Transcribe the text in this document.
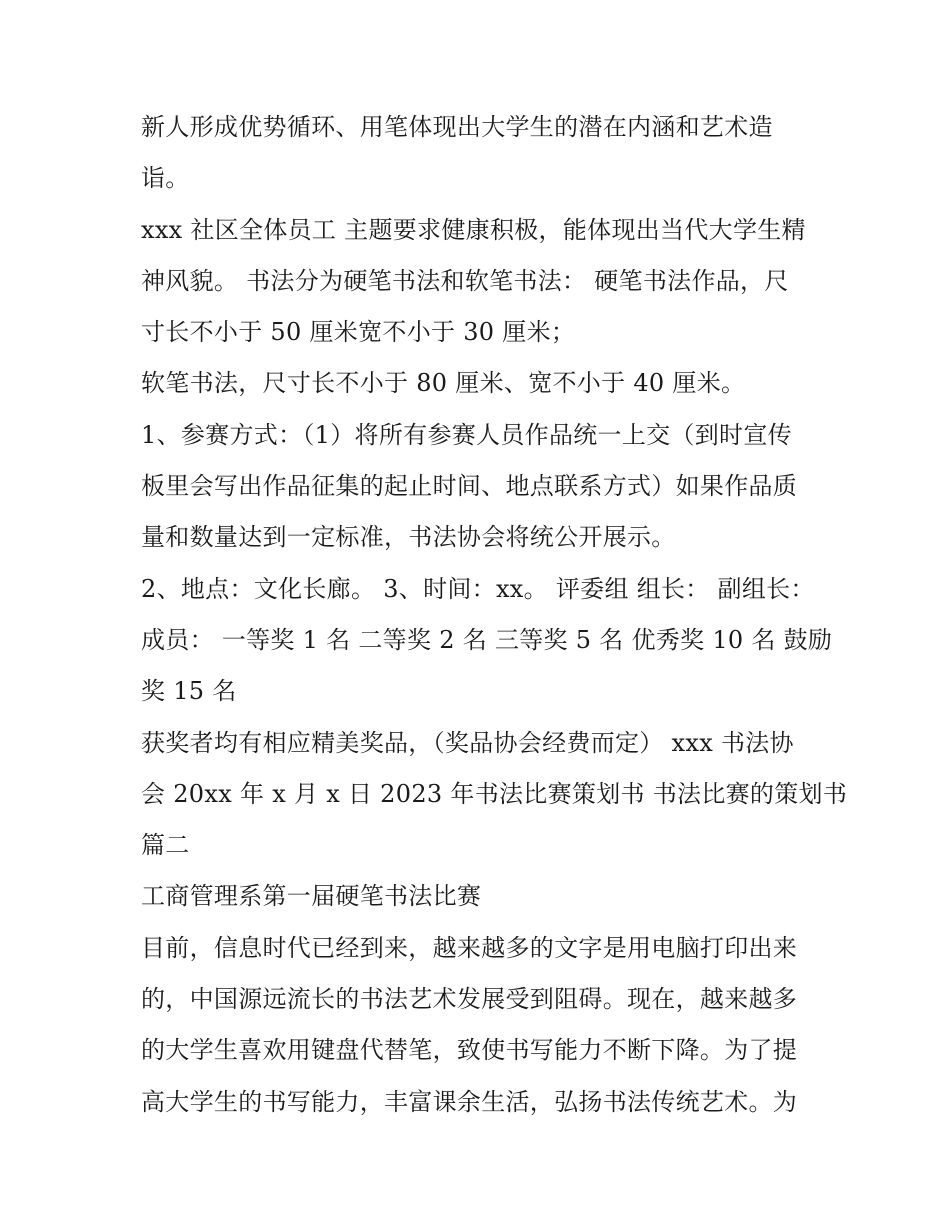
新人形成优势循环、用笔体现出大学生的潜在内涵和艺术造
诣。
xxx 社区全体员工 主题要求健康积极，能体现出当代大学生精
神风貌。 书法分为硬笔书法和软笔书法： 硬笔书法作品，尺
寸长不小于 50 厘米宽不小于 30 厘米；
软笔书法，尺寸长不小于 80 厘米、宽不小于 40 厘米。
1、参赛方式：（1）将所有参赛人员作品统一上交（到时宣传
板里会写出作品征集的起止时间、地点联系方式）如果作品质
量和数量达到一定标准，书法协会将统公开展示。
2、地点：文化长廊。 3、时间：xx。 评委组 组长： 副组长：
成员： 一等奖 1 名 二等奖 2 名 三等奖 5 名 优秀奖 10 名 鼓励
奖 15 名
获奖者均有相应精美奖品，（奖品协会经费而定） xxx 书法协
会 20xx 年 x 月 x 日 2023 年书法比赛策划书 书法比赛的策划书
篇二
工商管理系第一届硬笔书法比赛
目前，信息时代已经到来，越来越多的文字是用电脑打印出来
的，中国源远流长的书法艺术发展受到阻碍。现在，越来越多
的大学生喜欢用键盘代替笔，致使书写能力不断下降。为了提
高大学生的书写能力，丰富课余生活，弘扬书法传统艺术。为
